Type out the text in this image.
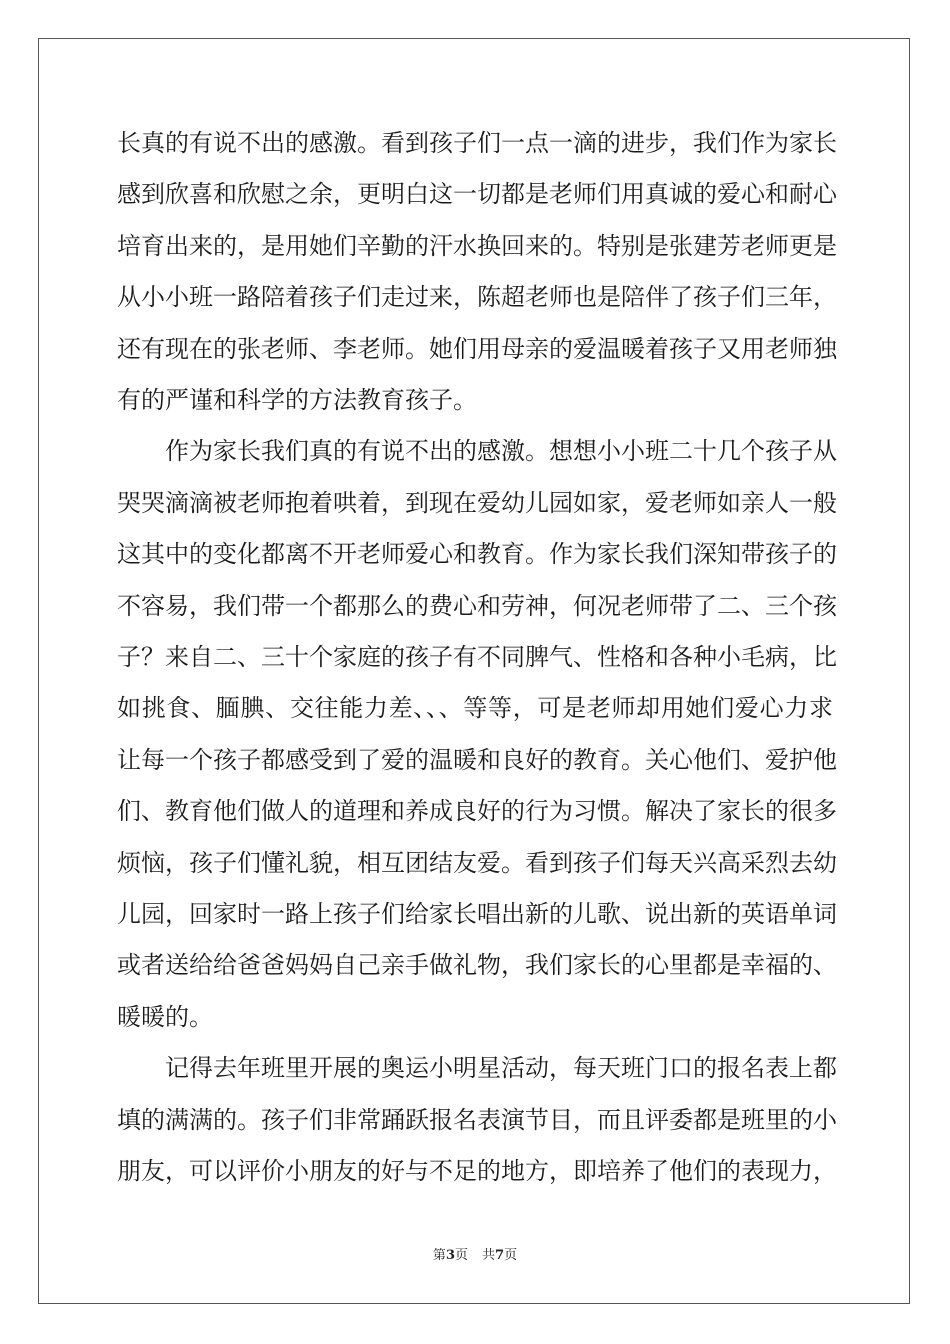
长真的有说不出的感激。看到孩子们一点一滴的进步，我们作为家长
感到欣喜和欣慰之余，更明白这一切都是老师们用真诚的爱心和耐心
培育出来的，是用她们辛勤的汗水换回来的。特别是张建芳老师更是
从小小班一路陪着孩子们走过来，陈超老师也是陪伴了孩子们三年，
还有现在的张老师、李老师。她们用母亲的爱温暖着孩子又用老师独
有的严谨和科学的方法教育孩子。
作为家长我们真的有说不出的感激。想想小小班二十几个孩子从
哭哭滴滴被老师抱着哄着，到现在爱幼儿园如家，爱老师如亲人一般
这其中的变化都离不开老师爱心和教育。作为家长我们深知带孩子的
不容易，我们带一个都那么的费心和劳神，何况老师带了二、三个孩
子？来自二、三十个家庭的孩子有不同脾气、性格和各种小毛病，比
如挑食、腼腆、交往能力差、、、等等，可是老师却用她们爱心力求
让每一个孩子都感受到了爱的温暖和良好的教育。关心他们、爱护他
们、教育他们做人的道理和养成良好的行为习惯。解决了家长的很多
烦恼，孩子们懂礼貌，相互团结友爱。看到孩子们每天兴高采烈去幼
儿园，回家时一路上孩子们给家长唱出新的儿歌、说出新的英语单词
或者送给给爸爸妈妈自己亲手做礼物，我们家长的心里都是幸福的、
暖暖的。
记得去年班里开展的奥运小明星活动，每天班门口的报名表上都
填的满满的。孩子们非常踊跃报名表演节目，而且评委都是班里的小
朋友，可以评价小朋友的好与不足的地方，即培养了他们的表现力，
第3页 共7页
